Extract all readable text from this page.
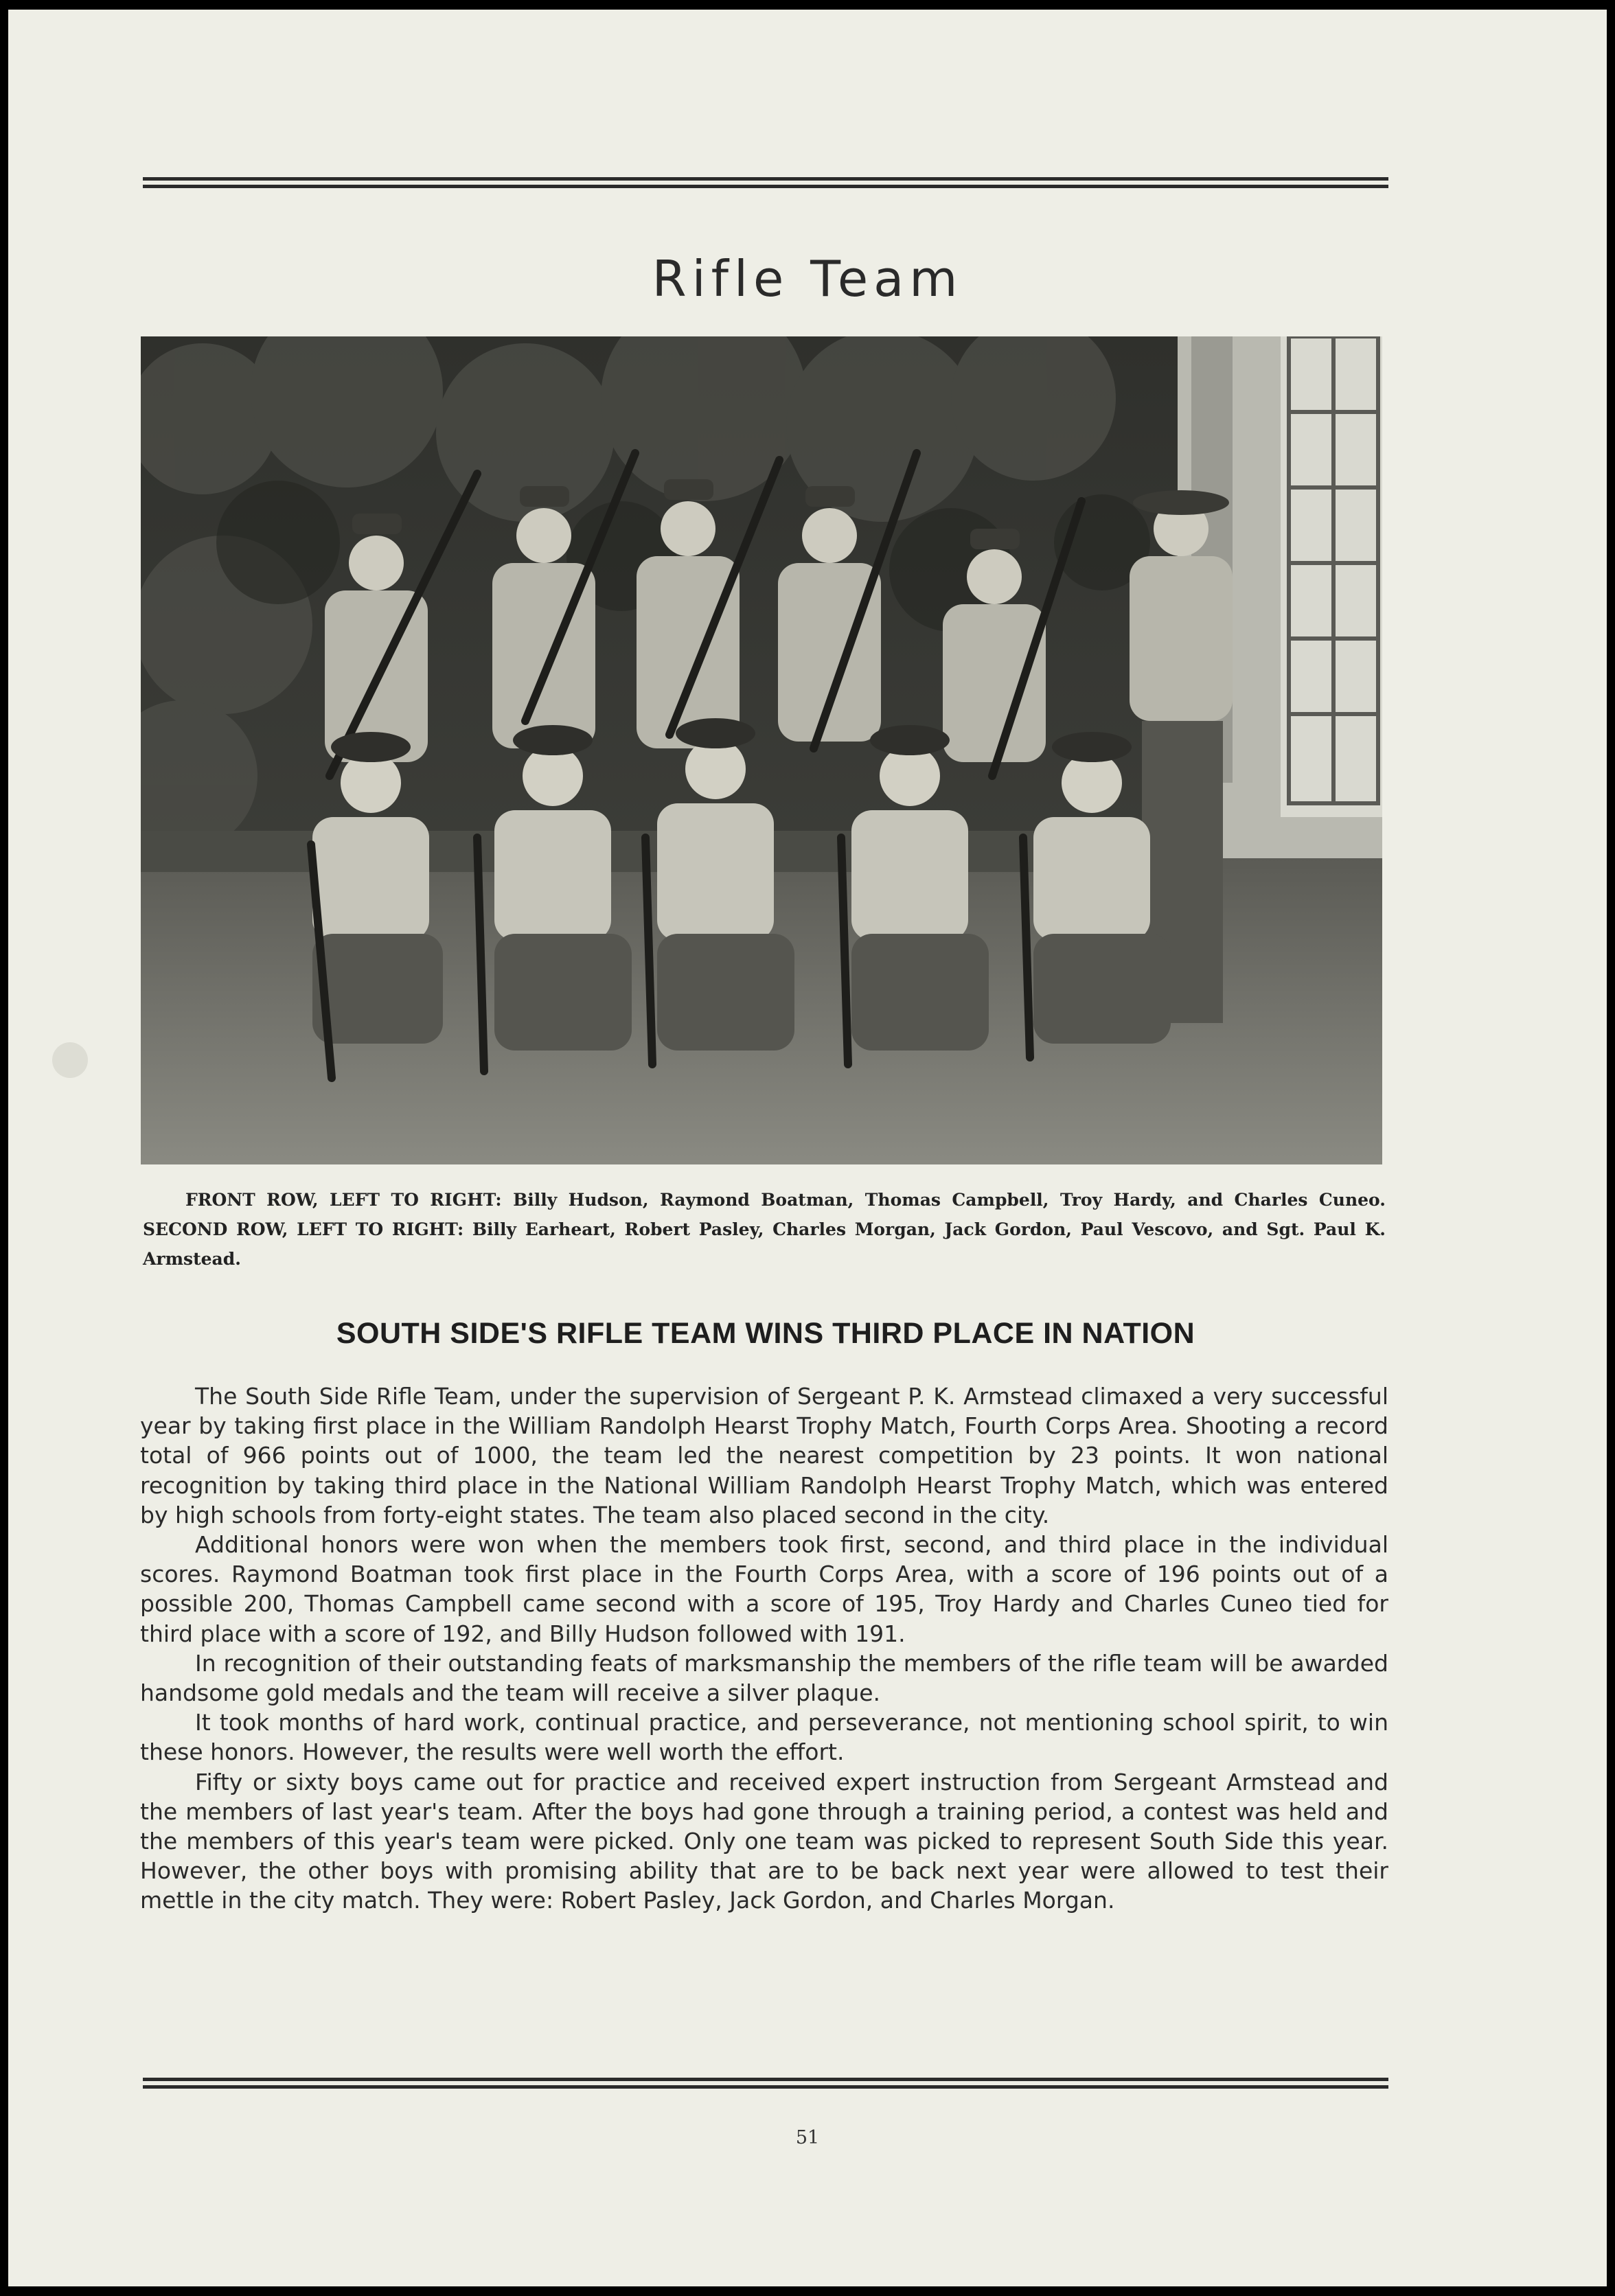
Rifle Team

FRONT ROW, LEFT TO RIGHT: Billy Hudson, Raymond Boatman, Thomas Campbell, Troy Hardy, and Charles Cuneo. SECOND ROW, LEFT TO RIGHT: Billy Earheart, Robert Pasley, Charles Morgan, Jack Gordon, Paul Vescovo, and Sgt. Paul K. Armstead.

SOUTH SIDE'S RIFLE TEAM WINS THIRD PLACE IN NATION

The South Side Rifle Team, under the supervision of Sergeant P. K. Armstead climaxed a very successful year by taking first place in the William Randolph Hearst Trophy Match, Fourth Corps Area. Shooting a record total of 966 points out of 1000, the team led the nearest competition by 23 points. It won national recognition by taking third place in the National William Randolph Hearst Trophy Match, which was entered by high schools from forty-eight states. The team also placed second in the city.

Additional honors were won when the members took first, second, and third place in the individual scores. Raymond Boatman took first place in the Fourth Corps Area, with a score of 196 points out of a possible 200, Thomas Campbell came second with a score of 195, Troy Hardy and Charles Cuneo tied for third place with a score of 192, and Billy Hudson followed with 191.

In recognition of their outstanding feats of marksmanship the members of the rifle team will be awarded handsome gold medals and the team will receive a silver plaque.

It took months of hard work, continual practice, and perseverance, not mentioning school spirit, to win these honors. However, the results were well worth the effort.

Fifty or sixty boys came out for practice and received expert instruction from Sergeant Armstead and the members of last year's team. After the boys had gone through a training period, a contest was held and the members of this year's team were picked. Only one team was picked to represent South Side this year. However, the other boys with promising ability that are to be back next year were allowed to test their mettle in the city match. They were: Robert Pasley, Jack Gordon, and Charles Morgan.

51
